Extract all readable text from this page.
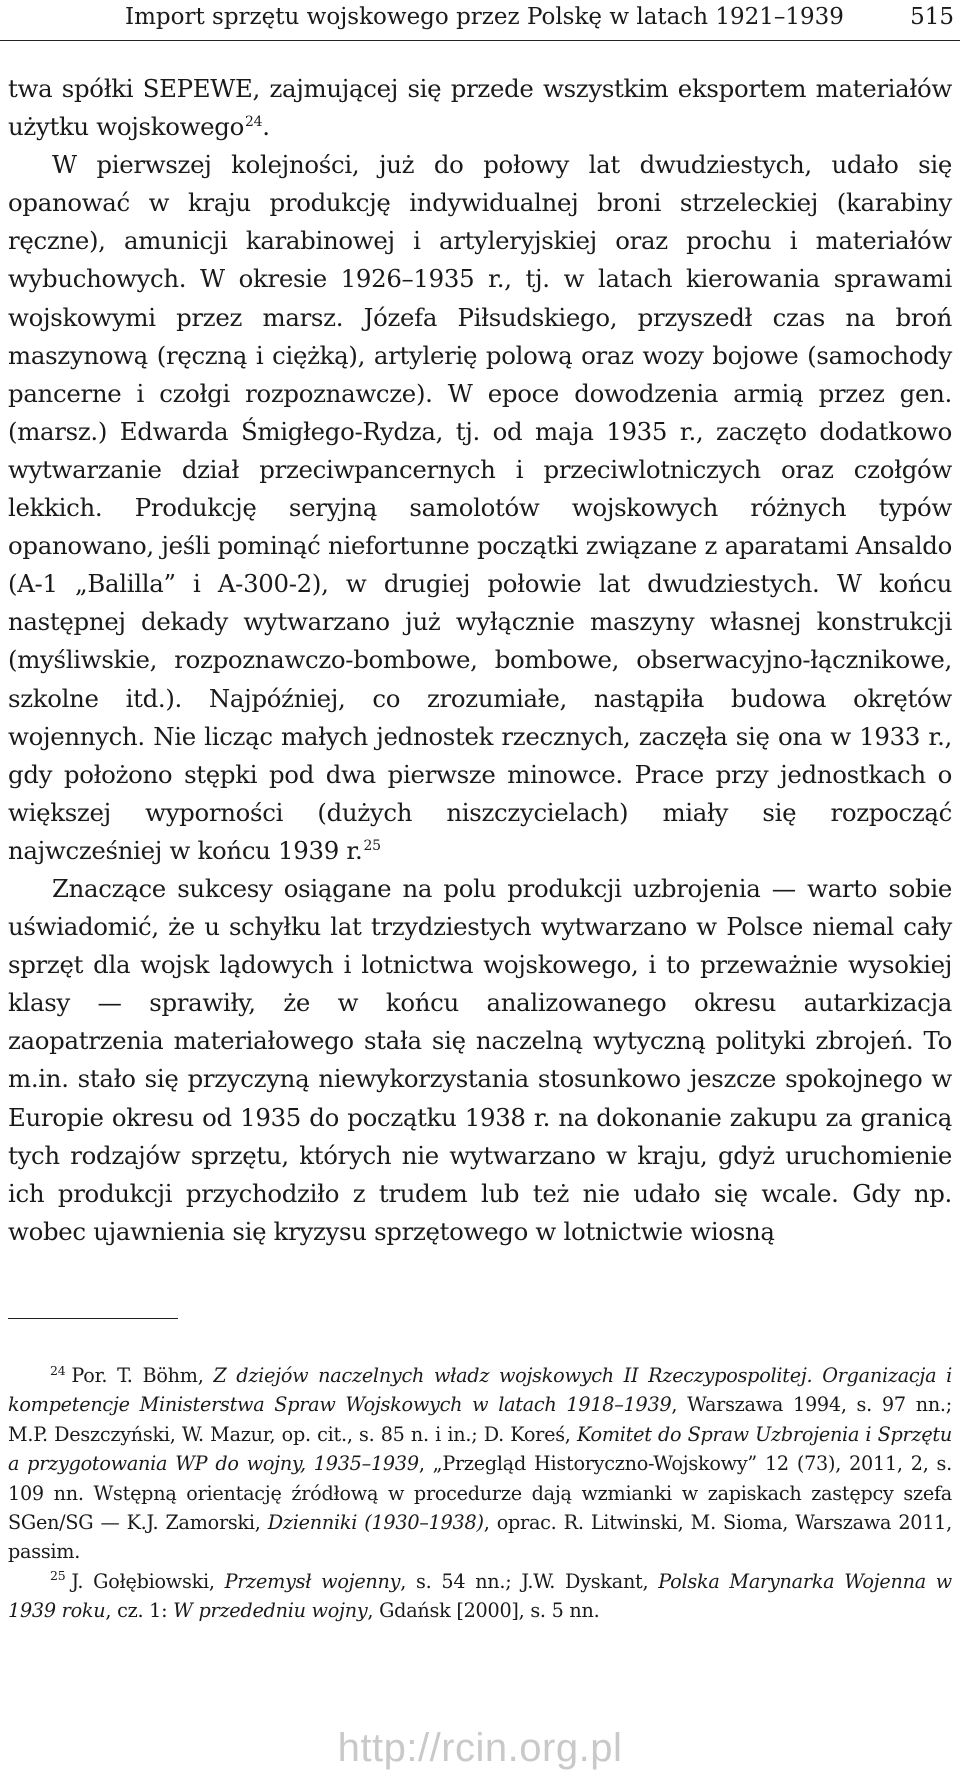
Import sprzętu wojskowego przez Polskę w latach 1921–1939	515

twa spółki SEPEWE, zajmującej się przede wszystkim eksportem materiałów użytku wojskowego$^{24}$.

W pierwszej kolejności, już do połowy lat dwudziestych, udało się opanować w kraju produkcję indywidualnej broni strzeleckiej (karabiny ręczne), amunicji karabinowej i artyleryjskiej oraz prochu i materiałów wybuchowych. W okresie 1926–1935 r., tj. w latach kierowania sprawami wojskowymi przez marsz. Józefa Piłsudskiego, przyszedł czas na broń maszynową (ręczną i ciężką), artylerię polową oraz wozy bojowe (samochody pancerne i czołgi rozpoznawcze). W epoce dowodzenia armią przez gen. (marsz.) Edwarda Śmigłego-Rydza, tj. od maja 1935 r., zaczęto dodatkowo wytwarzanie dział przeciwpancernych i przeciwlotniczych oraz czołgów lekkich. Produkcję seryjną samolotów wojskowych różnych typów opanowano, jeśli pominąć niefortunne początki związane z aparatami Ansaldo (A-1 „Balilla” i A-300-2), w drugiej połowie lat dwudziestych. W końcu następnej dekady wytwarzano już wyłącznie maszyny własnej konstrukcji (myśliwskie, rozpoznawczo-bombowe, bombowe, obserwacyjno-łącznikowe, szkolne itd.). Najpóźniej, co zrozumiałe, nastąpiła budowa okrętów wojennych. Nie licząc małych jednostek rzecznych, zaczęła się ona w 1933 r., gdy położono stępki pod dwa pierwsze minowce. Prace przy jednostkach o większej wyporności (dużych niszczycielach) miały się rozpocząć najwcześniej w końcu 1939 r.$^{25}$

Znaczące sukcesy osiągane na polu produkcji uzbrojenia — warto sobie uświadomić, że u schyłku lat trzydziestych wytwarzano w Polsce niemal cały sprzęt dla wojsk lądowych i lotnictwa wojskowego, i to przeważnie wysokiej klasy — sprawiły, że w końcu analizowanego okresu autarkizacja zaopatrzenia materiałowego stała się naczelną wytyczną polityki zbrojeń. To m.in. stało się przyczyną niewykorzystania stosunkowo jeszcze spokojnego w Europie okresu od 1935 do początku 1938 r. na dokonanie zakupu za granicą tych rodzajów sprzętu, których nie wytwarzano w kraju, gdyż uruchomienie ich produkcji przychodziło z trudem lub też nie udało się wcale. Gdy np. wobec ujawnienia się kryzysu sprzętowego w lotnictwie wiosną

$^{24}$ Por. T. Böhm, Z dziejów naczelnych władz wojskowych II Rzeczypospolitej. Organizacja i kompetencje Ministerstwa Spraw Wojskowych w latach 1918–1939, Warszawa 1994, s. 97 nn.; M.P. Deszczyński, W. Mazur, op. cit., s. 85 n. i in.; D. Koreś, Komitet do Spraw Uzbrojenia i Sprzętu a przygotowania WP do wojny, 1935–1939, „Przegląd Historyczno-Wojskowy” 12 (73), 2011, 2, s. 109 nn. Wstępną orientację źródłową w procedurze dają wzmianki w zapiskach zastępcy szefa SGen/SG — K.J. Zamorski, Dzienniki (1930–1938), oprac. R. Litwinski, M. Sioma, Warszawa 2011, passim.

$^{25}$ J. Gołębiowski, Przemysł wojenny, s. 54 nn.; J.W. Dyskant, Polska Marynarka Wojenna w 1939 roku, cz. 1: W przededniu wojny, Gdańsk [2000], s. 5 nn.

http://rcin.org.pl
